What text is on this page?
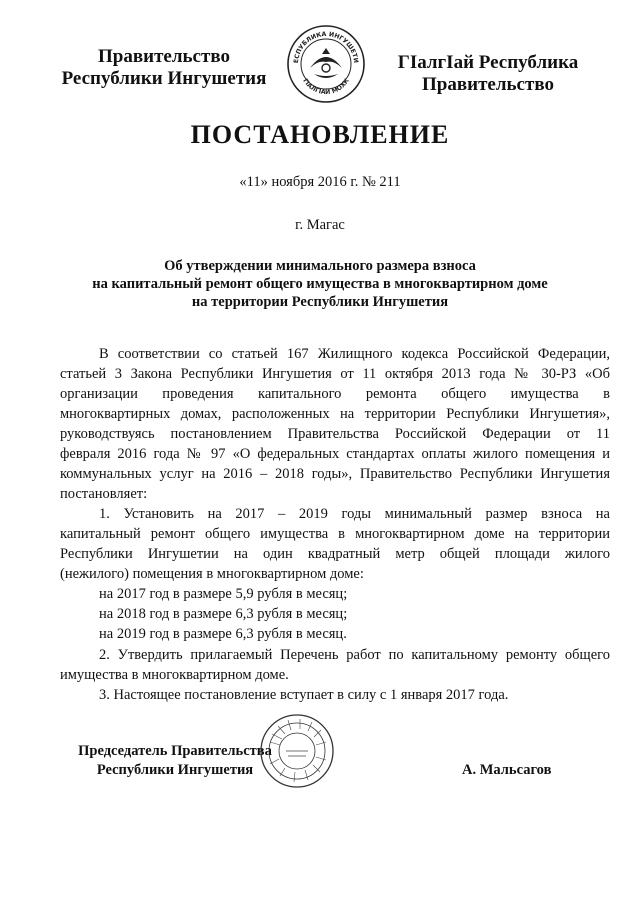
Правительство
Республики Ингушетия
ЕСПУБЛИКА ИНГУШЕТИ
ГIАЛГIАЙ МОХК
ГIалгIай Республика
Правительство
ПОСТАНОВЛЕНИЕ
«11» ноября 2016 г. № 211
г. Магас
Об утверждении минимального размера взноса
на капитальный ремонт общего имущества в многоквартирном доме
на территории Республики Ингушетия
В соответствии со статьей 167 Жилищного кодекса Российской Федерации,
статьей 3 Закона Республики Ингушетия от 11 октября 2013 года № 30-РЗ «Об
организации проведения капитального ремонта общего имущества в
многоквартирных домах, расположенных на территории Республики Ингушетия»,
руководствуясь постановлением Правительства Российской Федерации от 11
февраля 2016 года № 97 «О федеральных стандартах оплаты жилого помещения и
коммунальных услуг на 2016 – 2018 годы», Правительство Республики Ингушетия
постановляет:
1. Установить на 2017 – 2019 годы минимальный размер взноса на
капитальный ремонт общего имущества в многоквартирном доме на территории
Республики Ингушетии на один квадратный метр общей площади жилого
(нежилого) помещения в многоквартирном доме:
на 2017 год в размере 5,9 рубля в месяц;
на 2018 год в размере 6,3 рубля в месяц;
на 2019 год в размере 6,3 рубля в месяц.
2. Утвердить прилагаемый Перечень работ по капитальному ремонту общего
имущества в многоквартирном доме.
3. Настоящее постановление вступает в силу с 1 января 2017 года.
Председатель Правительства
Республики Ингушетия	А. Мальсагов
